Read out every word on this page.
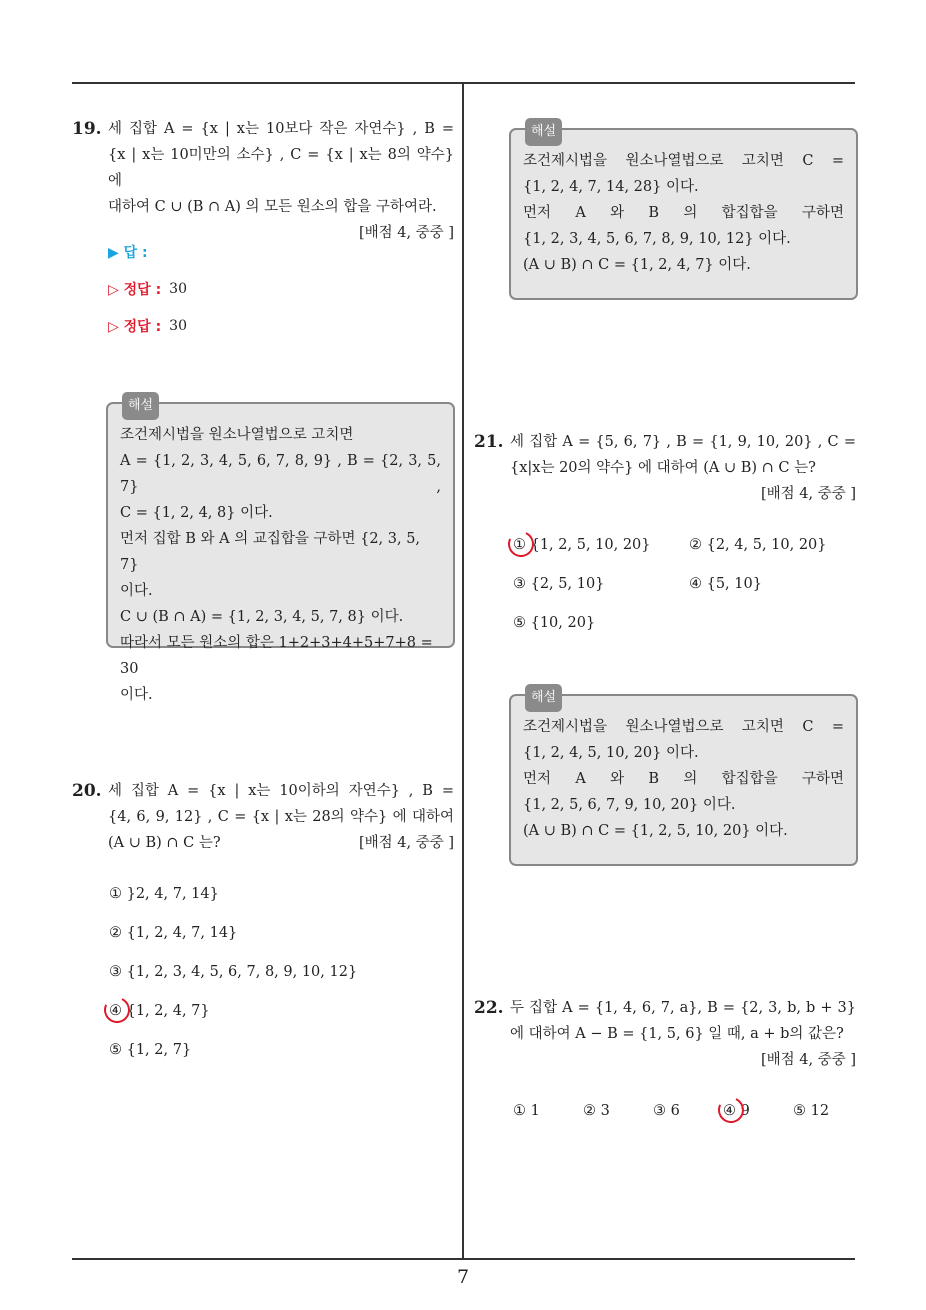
7
19. 세 집합 A = {x | x는 10보다 작은 자연수} , B =
{x | x는 10미만의 소수} , C = {x | x는 8의 약수} 에
대하여 C ∪ (B ∩ A) 의 모든 원소의 합을 구하여라.
[배점 4, 중중 ]
▶ 답 :
▷ 정답 : 30
▷ 정답 : 30
해설
조건제시법을 원소나열법으로 고치면
A = {1, 2, 3, 4, 5, 6, 7, 8, 9} , B = {2, 3, 5, 7} ,
C = {1, 2, 4, 8} 이다.
먼저 집합 B 와 A 의 교집합을 구하면 {2, 3, 5, 7}
이다.
C ∪ (B ∩ A) = {1, 2, 3, 4, 5, 7, 8} 이다.
따라서 모든 원소의 합은 1+2+3+4+5+7+8 = 30
이다.
20. 세 집합 A = {x | x는 10이하의 자연수} , B =
{4, 6, 9, 12} , C = {x | x는 28의 약수} 에 대하여
(A ∪ B) ∩ C 는?	[배점 4, 중중 ]
① }2, 4, 7, 14}
② {1, 2, 4, 7, 14}
③ {1, 2, 3, 4, 5, 6, 7, 8, 9, 10, 12}
④ {1, 2, 4, 7}
⑤ {1, 2, 7}
해설
조건제시법을 원소나열법으로 고치면 C =
{1, 2, 4, 7, 14, 28} 이다.
먼저 A 와 B 의 합집합을 구하면
{1, 2, 3, 4, 5, 6, 7, 8, 9, 10, 12} 이다.
(A ∪ B) ∩ C = {1, 2, 4, 7} 이다.
21. 세 집합 A = {5, 6, 7} , B = {1, 9, 10, 20} , C =
{x|x는 20의 약수} 에 대하여 (A ∪ B) ∩ C 는?
[배점 4, 중중 ]
① {1, 2, 5, 10, 20}	② {2, 4, 5, 10, 20}
③ {2, 5, 10}	④ {5, 10}
⑤ {10, 20}
해설
조건제시법을 원소나열법으로 고치면 C =
{1, 2, 4, 5, 10, 20} 이다.
먼저 A 와 B 의 합집합을 구하면
{1, 2, 5, 6, 7, 9, 10, 20} 이다.
(A ∪ B) ∩ C = {1, 2, 5, 10, 20} 이다.
22. 두 집합 A = {1, 4, 6, 7, a}, B = {2, 3, b, b + 3}
에 대하여 A − B = {1, 5, 6} 일 때, a + b의 값은?
[배점 4, 중중 ]
① 1	② 3	③ 6	④ 9	⑤ 12
